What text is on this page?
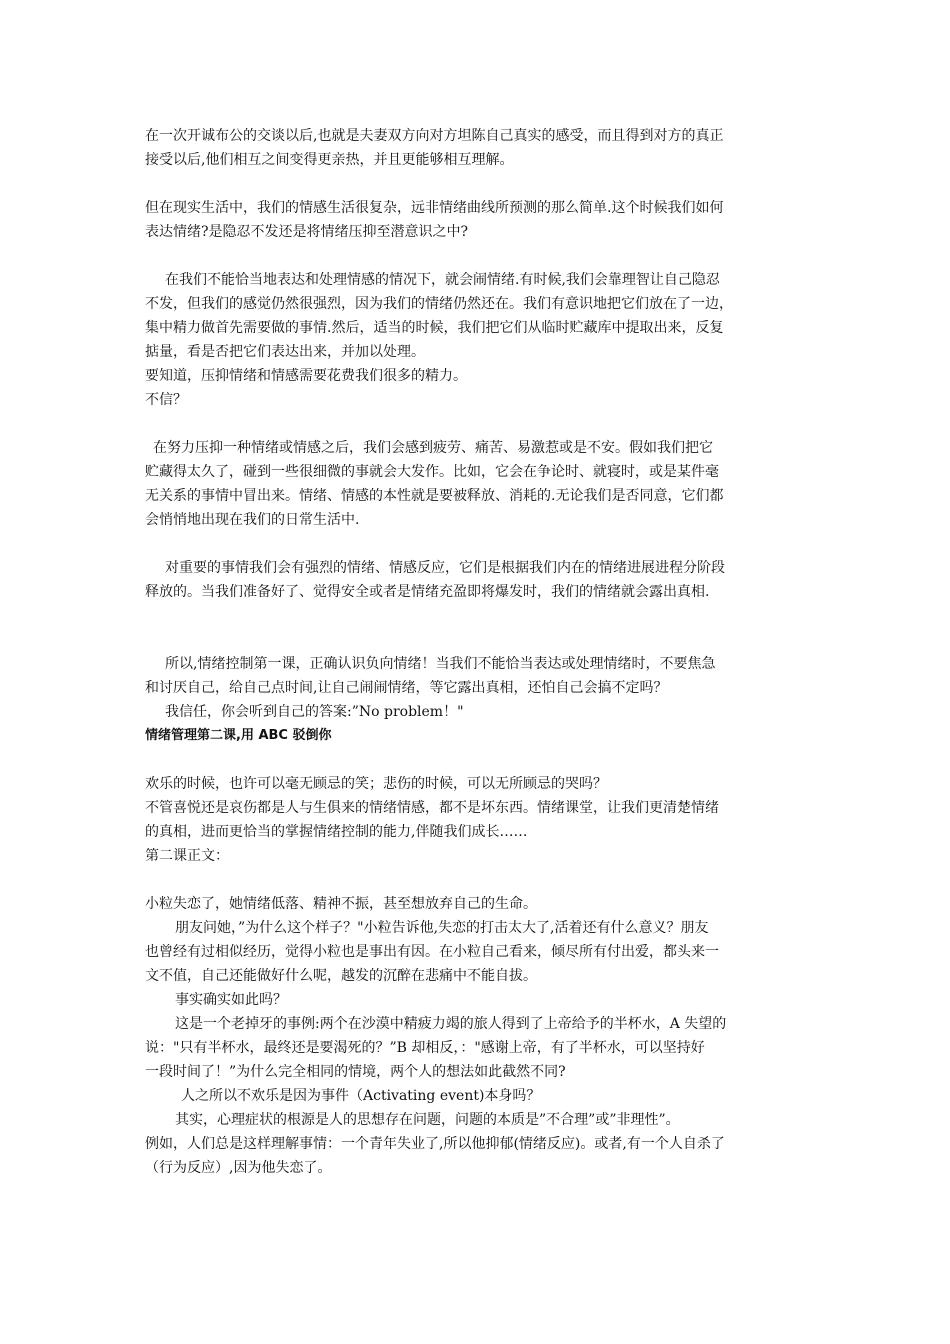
在一次开诚布公的交谈以后,也就是夫妻双方向对方坦陈自己真实的感受，而且得到对方的真正
接受以后,他们相互之间变得更亲热，并且更能够相互理解。
但在现实生活中，我们的情感生活很复杂，远非情绪曲线所预测的那么简单.这个时候我们如何
表达情绪?是隐忍不发还是将情绪压抑至潜意识之中?
在我们不能恰当地表达和处理情感的情况下，就会闹情绪.有时候,我们会靠理智让自己隐忍
不发，但我们的感觉仍然很强烈，因为我们的情绪仍然还在。我们有意识地把它们放在了一边，
集中精力做首先需要做的事情.然后，适当的时候，我们把它们从临时贮藏库中提取出来，反复
掂量，看是否把它们表达出来，并加以处理。
要知道，压抑情绪和情感需要花费我们很多的精力。
不信？
在努力压抑一种情绪或情感之后，我们会感到疲劳、痛苦、易激惹或是不安。假如我们把它
贮藏得太久了，碰到一些很细微的事就会大发作。比如，它会在争论时、就寝时，或是某件毫
无关系的事情中冒出来。情绪、情感的本性就是要被释放、消耗的.无论我们是否同意，它们都
会悄悄地出现在我们的日常生活中.
对重要的事情我们会有强烈的情绪、情感反应，它们是根据我们内在的情绪进展进程分阶段
释放的。当我们准备好了、觉得安全或者是情绪充盈即将爆发时，我们的情绪就会露出真相.
所以,情绪控制第一课，正确认识负向情绪！当我们不能恰当表达或处理情绪时，不要焦急
和讨厌自己，给自己点时间,让自己闹闹情绪，等它露出真相，还怕自己会搞不定吗？
我信任，你会听到自己的答案:”No problem！"
情绪管理第二课,用 ABC 驳倒你
欢乐的时候，也许可以毫无顾忌的笑；悲伤的时候，可以无所顾忌的哭吗？
不管喜悦还是哀伤都是人与生俱来的情绪情感，都不是坏东西。情绪课堂，让我们更清楚情绪
的真相，进而更恰当的掌握情绪控制的能力,伴随我们成长……
第二课正文：
小粒失恋了，她情绪低落、精神不振，甚至想放弃自己的生命。
朋友问她，”为什么这个样子？"小粒告诉他,失恋的打击太大了,活着还有什么意义？朋友
也曾经有过相似经历，觉得小粒也是事出有因。在小粒自己看来，倾尽所有付出爱，都头来一
文不值，自己还能做好什么呢，越发的沉醉在悲痛中不能自拔。
事实确实如此吗？
这是一个老掉牙的事例:两个在沙漠中精疲力竭的旅人得到了上帝给予的半杯水，A 失望的
说："只有半杯水，最终还是要渴死的？”B 却相反，："感谢上帝，有了半杯水，可以坚持好
一段时间了！”为什么完全相同的情境，两个人的想法如此截然不同?
人之所以不欢乐是因为事件（Activating event)本身吗？
其实，心理症状的根源是人的思想存在问题，问题的本质是”不合理”或”非理性”。
例如，人们总是这样理解事情：一个青年失业了,所以他抑郁(情绪反应)。或者,有一个人自杀了
（行为反应）,因为他失恋了。
